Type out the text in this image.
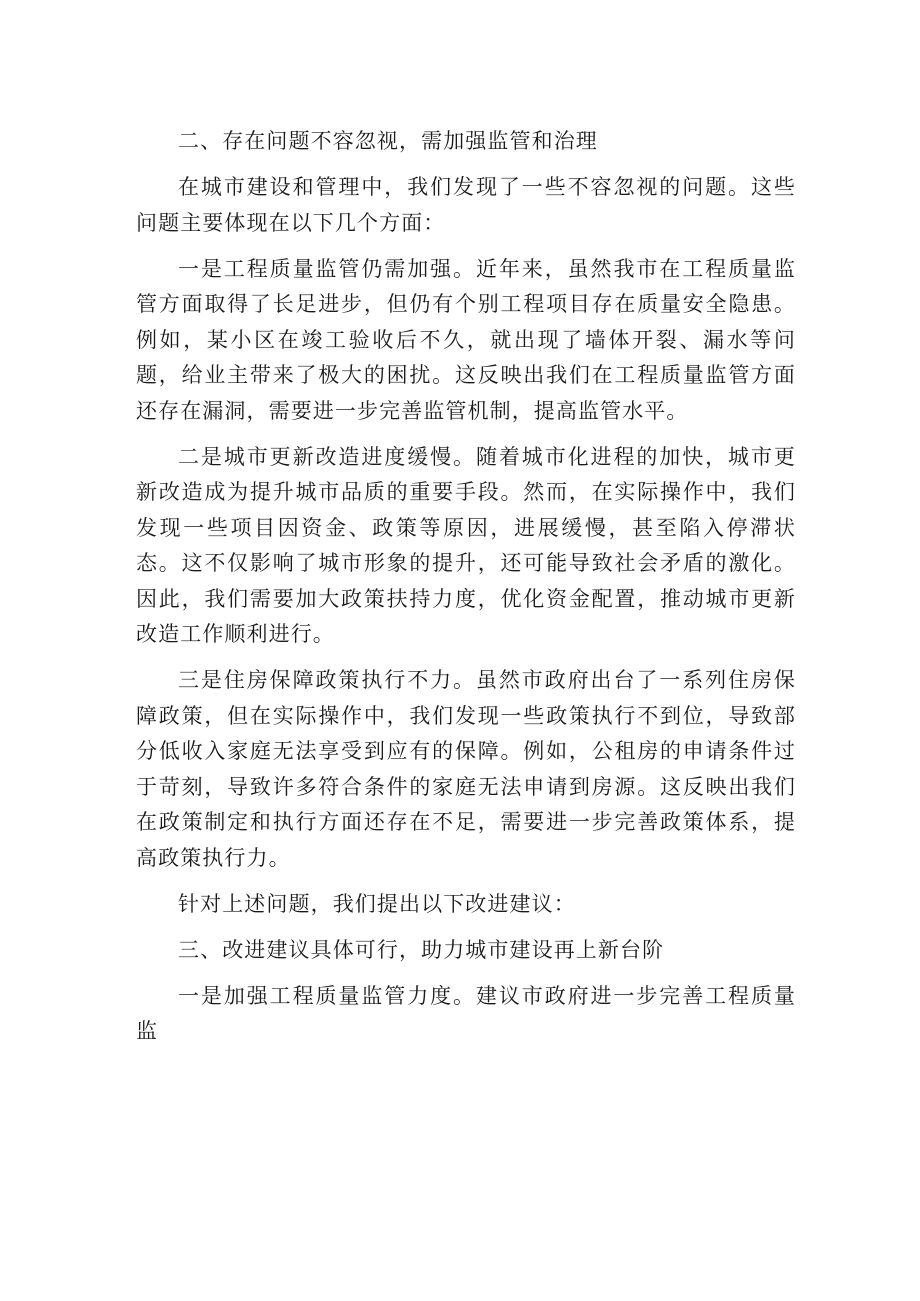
二、存在问题不容忽视，需加强监管和治理

在城市建设和管理中，我们发现了一些不容忽视的问题。这些问题主要体现在以下几个方面：

一是工程质量监管仍需加强。近年来，虽然我市在工程质量监管方面取得了长足进步，但仍有个别工程项目存在质量安全隐患。例如，某小区在竣工验收后不久，就出现了墙体开裂、漏水等问题，给业主带来了极大的困扰。这反映出我们在工程质量监管方面还存在漏洞，需要进一步完善监管机制，提高监管水平。

二是城市更新改造进度缓慢。随着城市化进程的加快，城市更新改造成为提升城市品质的重要手段。然而，在实际操作中，我们发现一些项目因资金、政策等原因，进展缓慢，甚至陷入停滞状态。这不仅影响了城市形象的提升，还可能导致社会矛盾的激化。因此，我们需要加大政策扶持力度，优化资金配置，推动城市更新改造工作顺利进行。

三是住房保障政策执行不力。虽然市政府出台了一系列住房保障政策，但在实际操作中，我们发现一些政策执行不到位，导致部分低收入家庭无法享受到应有的保障。例如，公租房的申请条件过于苛刻，导致许多符合条件的家庭无法申请到房源。这反映出我们在政策制定和执行方面还存在不足，需要进一步完善政策体系，提高政策执行力。

针对上述问题，我们提出以下改进建议：

三、改进建议具体可行，助力城市建设再上新台阶

一是加强工程质量监管力度。建议市政府进一步完善工程质量监
